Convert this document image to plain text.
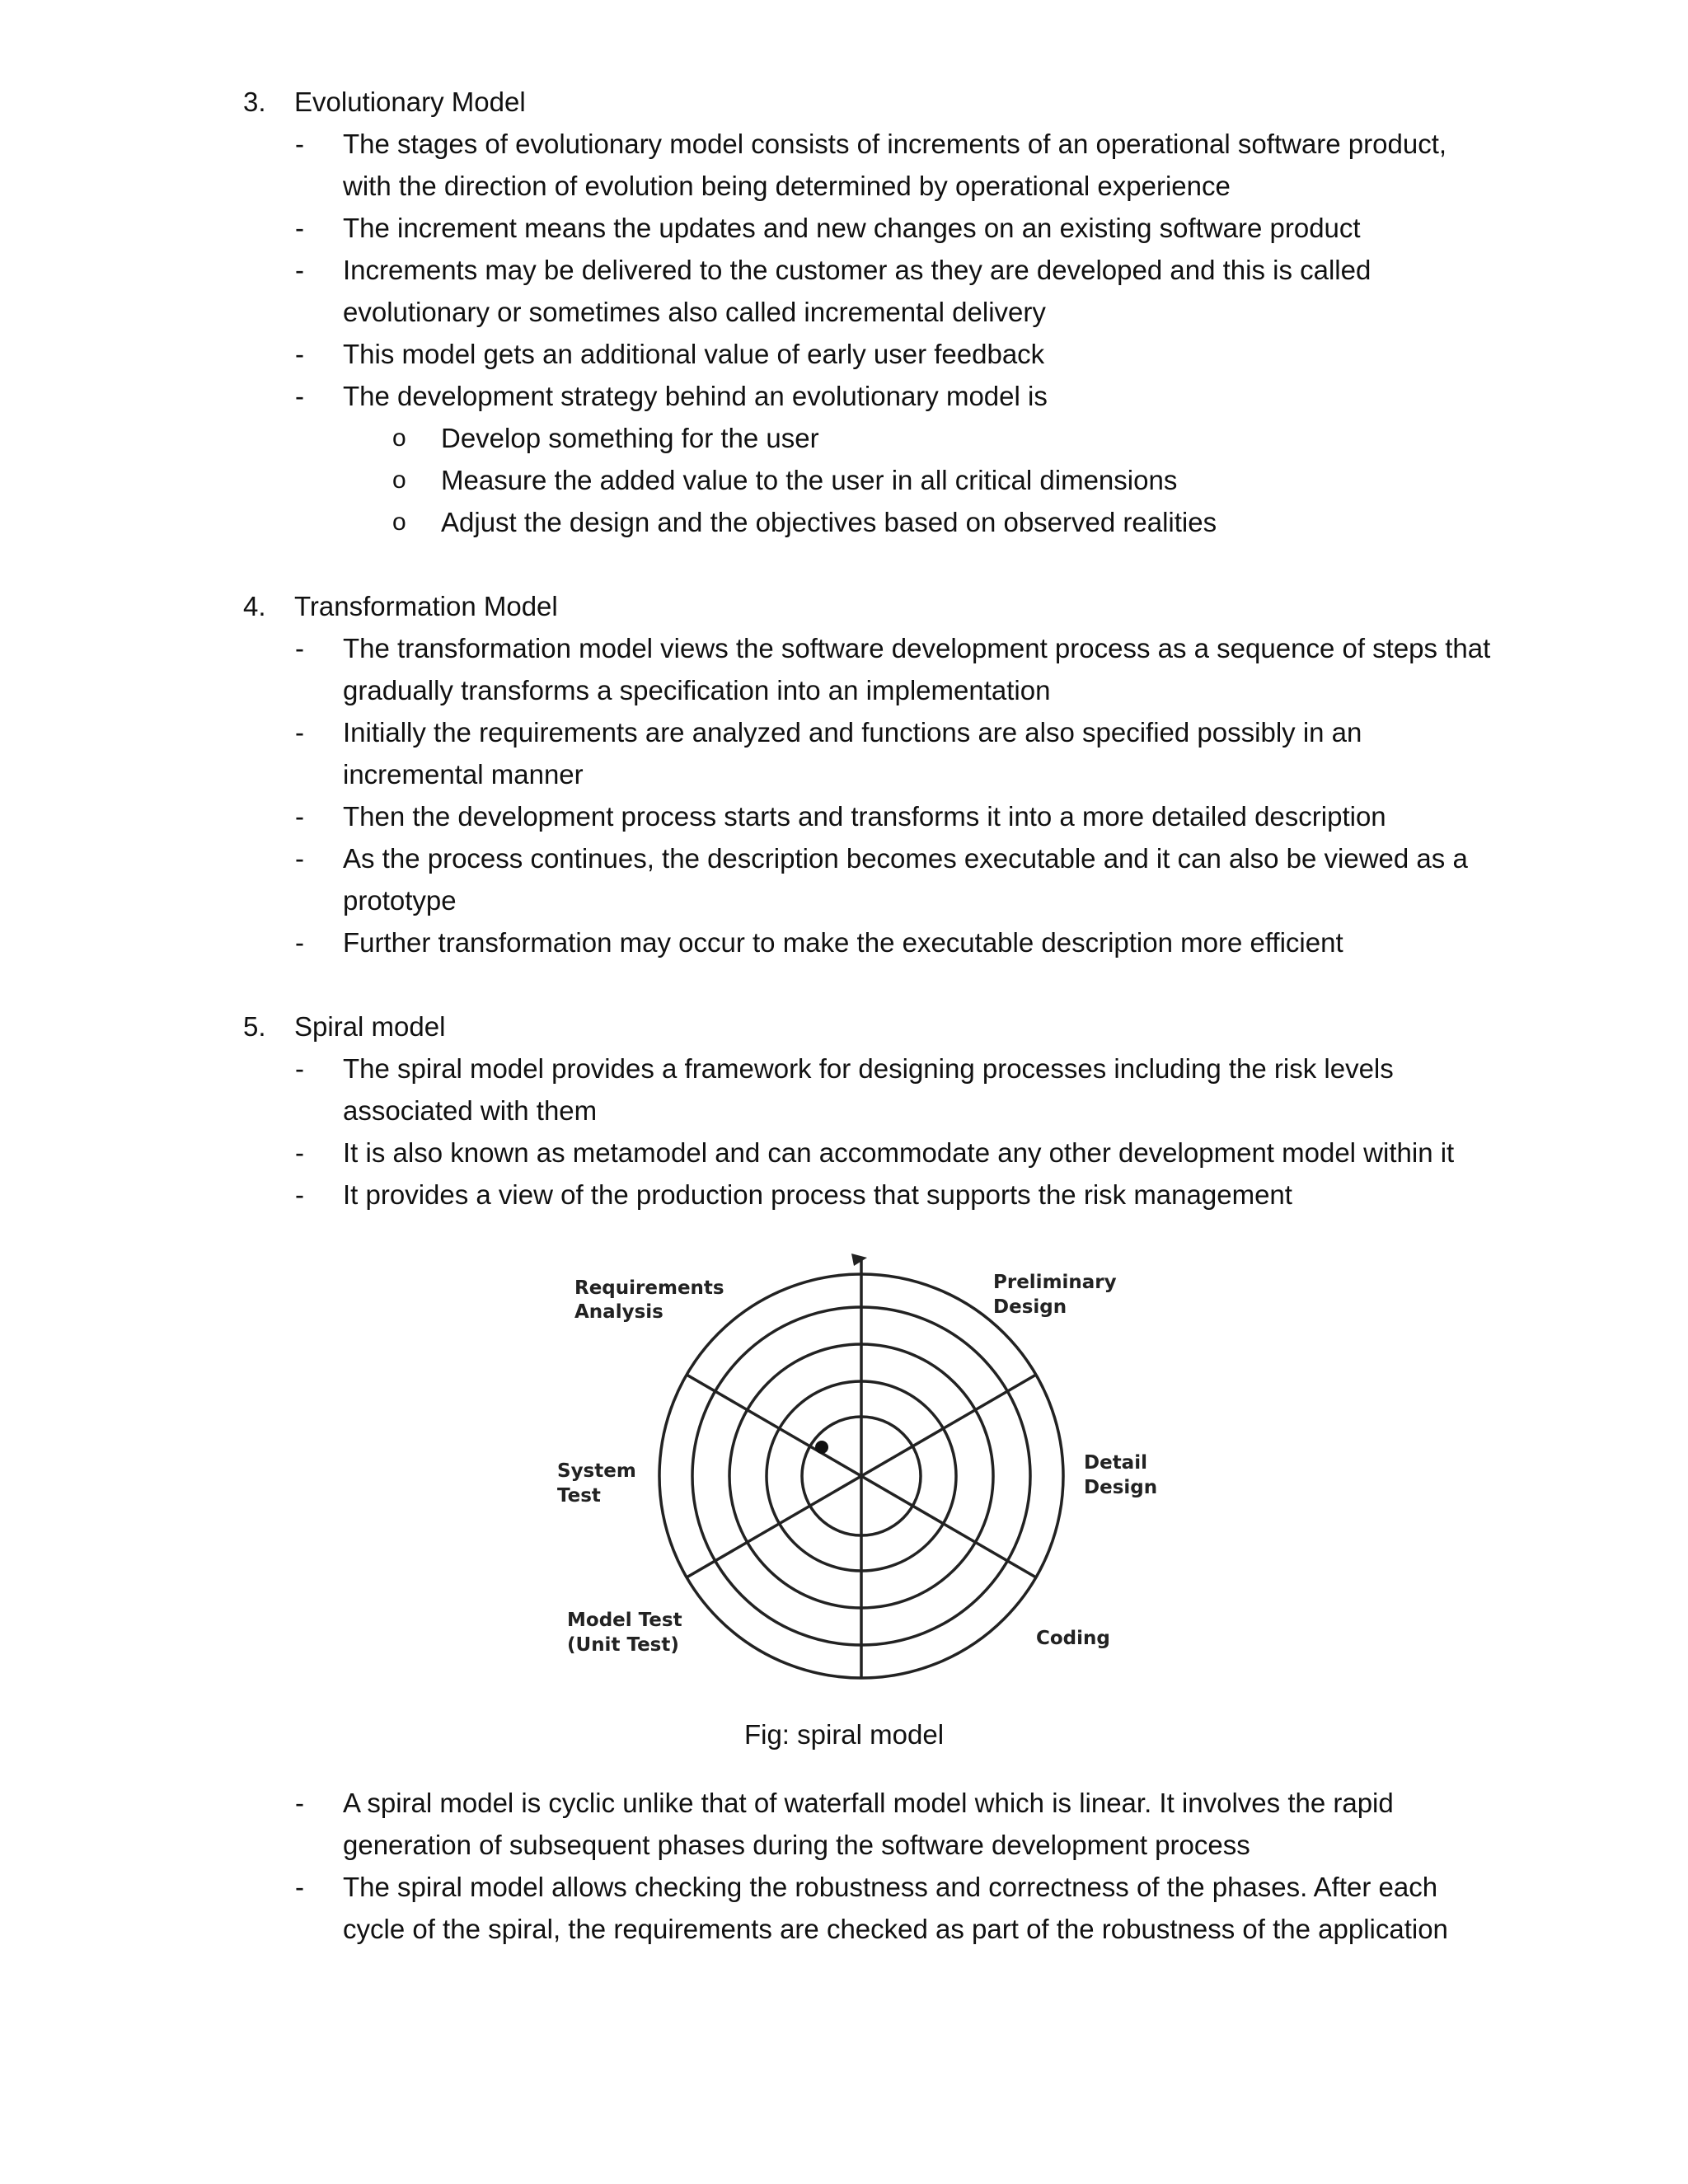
3. Evolutionary Model
- The stages of evolutionary model consists of increments of an operational software product,
with the direction of evolution being determined by operational experience
- The increment means the updates and new changes on an existing software product
- Increments may be delivered to the customer as they are developed and this is called
evolutionary or sometimes also called incremental delivery
- This model gets an additional value of early user feedback
- The development strategy behind an evolutionary model is
o Develop something for the user
o Measure the added value to the user in all critical dimensions
o Adjust the design and the objectives based on observed realities
4. Transformation Model
- The transformation model views the software development process as a sequence of steps that
gradually transforms a specification into an implementation
- Initially the requirements are analyzed and functions are also specified possibly in an
incremental manner
- Then the development process starts and transforms it into a more detailed description
- As the process continues, the description becomes executable and it can also be viewed as a
prototype
- Further transformation may occur to make the executable description more efficient
5. Spiral model
- The spiral model provides a framework for designing processes including the risk levels
associated with them
- It is also known as metamodel and can accommodate any other development model within it
- It provides a view of the production process that supports the risk management
Requirements
Analysis
Preliminary
Design
Detail
Design
System
Test
Model Test
(Unit Test)	Coding
Fig: spiral model
- A spiral model is cyclic unlike that of waterfall model which is linear. It involves the rapid
generation of subsequent phases during the software development process
- The spiral model allows checking the robustness and correctness of the phases. After each
cycle of the spiral, the requirements are checked as part of the robustness of the application
